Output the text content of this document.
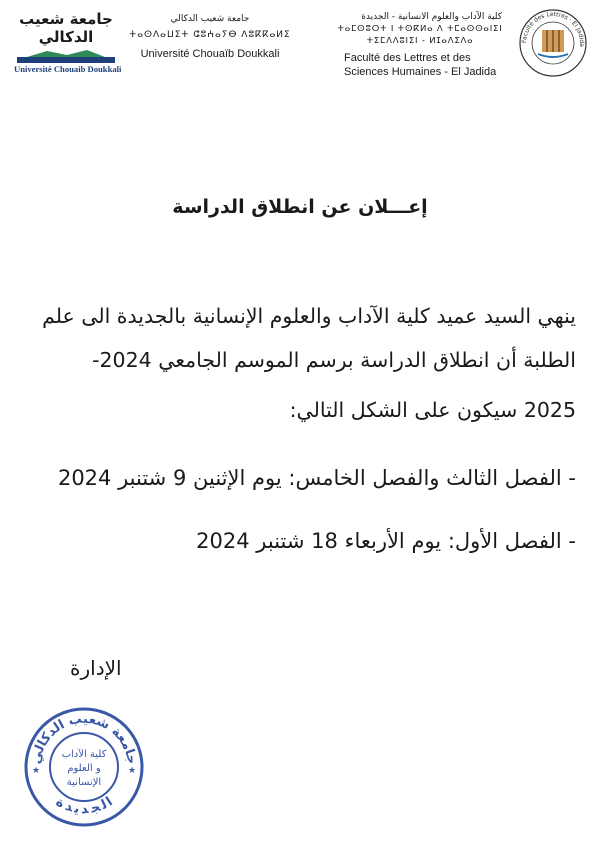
جامعة شعيب الدكالي
Université Chouaib Doukkali
جامعة شعيب الدكالي
ⵜⴰⵙⴷⴰⵡⵉⵜ ⵛⵓⵄⴰⵢⴱ ⴷⵓⴽⴽⴰⵍⵉ
Université Chouaïb Doukkali
كلية الآداب والعلوم الانسانية - الجديدة
ⵜⴰⵎⵙⵓⵔⵜ ⵏ ⵜⵙⴽⵍⴰ ⴷ ⵜⵎⴰⵙⵙⴰⵏⵉⵏ
ⵜⵉⵎⴷⴷⵓⵏⵉⵏ - ⵍⵊⴰⴷⵉⴷⴰ
Faculté des Lettres et des
Sciences Humaines - El Jadida
Faculté des Lettres · El Jadida
إعـــلان عن انطلاق الدراسة
ينهي السيد عميد كلية الآداب والعلوم الإنسانية بالجديدة الى علم
الطلبة أن انطلاق الدراسة برسم الموسم الجامعي 2024-
2025 سيكون على الشكل التالي:
- الفصل الثالث والفصل الخامس: يوم الإثنين 9 شتنبر 2024
- الفصل الأول: يوم الأربعاء 18 شتنبر 2024
الإدارة
جامعة شعيب الدكالي
الجديدة
كلية الآداب
و العلوم
الإنسانية
★	★
